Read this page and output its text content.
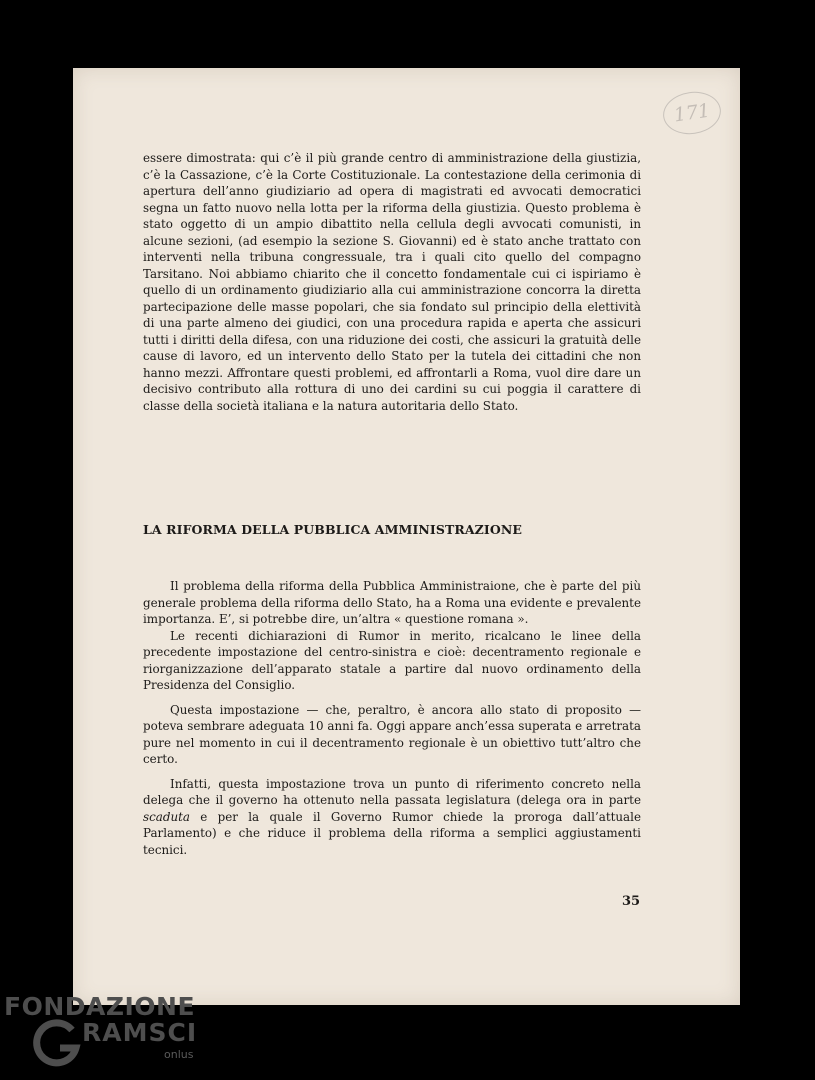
171
essere dimostrata: qui c’è il più grande centro di amministrazione della giustizia, c’è la Cassazione, c’è la Corte Costituzionale. La contestazione della cerimonia di apertura dell’anno giudiziario ad opera di magistrati ed avvocati democratici segna un fatto nuovo nella lotta per la riforma della giustizia. Questo problema è stato oggetto di un ampio dibattito nella cellula degli avvocati comunisti, in alcune sezioni, (ad esempio la sezione S. Giovanni) ed è stato anche trattato con interventi nella tribuna congressuale, tra i quali cito quello del compagno Tarsitano. Noi abbiamo chiarito che il concetto fondamentale cui ci ispiriamo è quello di un ordinamento giudiziario alla cui amministrazione concorra la diretta partecipazione delle masse popolari, che sia fondato sul principio della elettività di una parte almeno dei giudici, con una procedura rapida e aperta che assicuri tutti i diritti della difesa, con una riduzione dei costi, che assicuri la gratuità delle cause di lavoro, ed un intervento dello Stato per la tutela dei cittadini che non hanno mezzi. Affrontare questi problemi, ed affrontarli a Roma, vuol dire dare un decisivo contributo alla rottura di uno dei cardini su cui poggia il carattere di classe della società italiana e la natura autoritaria dello Stato.
LA RIFORMA DELLA PUBBLICA AMMINISTRAZIONE

Il problema della riforma della Pubblica Amministraione, che è parte del più generale problema della riforma dello Stato, ha a Roma una evidente e prevalente importanza. E’, si potrebbe dire, un’altra « questione romana ».

Le recenti dichiarazioni di Rumor in merito, ricalcano le linee della precedente impostazione del centro-sinistra e cioè: decentramento regionale e riorganizzazione dell’apparato statale a partire dal nuovo ordinamento della Presidenza del Consiglio.

Questa impostazione — che, peraltro, è ancora allo stato di proposito — poteva sembrare adeguata 10 anni fa. Oggi appare anch’essa superata e arretrata pure nel momento in cui il decentramento regionale è un obiettivo tutt’altro che certo.

Infatti, questa impostazione trova un punto di riferimento concreto nella delega che il governo ha ottenuto nella passata legislatura (delega ora in parte scaduta e per la quale il Governo Rumor chiede la proroga dall’attuale Parlamento) e che riduce il problema della riforma a semplici aggiustamenti tecnici.

35
FONDAZIONE
RAMSCI
onlus
